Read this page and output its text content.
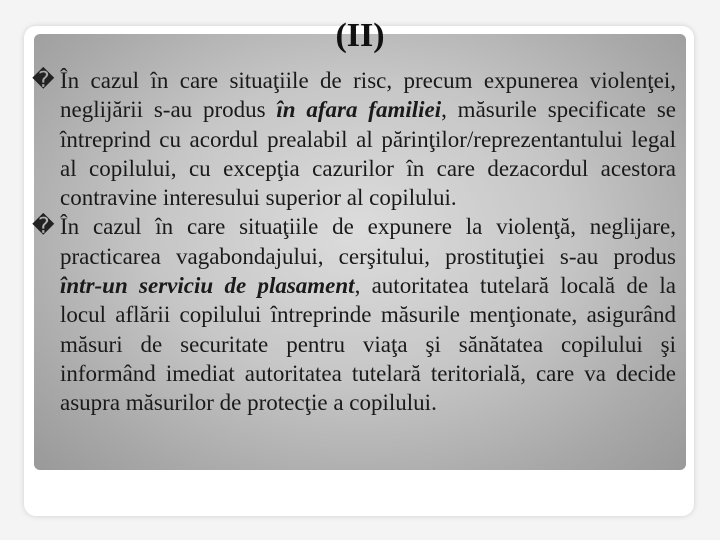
(II)

� În cazul în care situaţiile de risc, precum expunerea violenţei, neglijării s-au produs în afara familiei, măsurile specificate se întreprind cu acordul prealabil al părinţilor/reprezentantului legal al copilului, cu excepţia cazurilor în care dezacordul acestora contravine interesului superior al copilului.

� În cazul în care situaţiile de expunere la violenţă, neglijare, practicarea vagabondajului, cerşitului, prostituţiei s-au produs într-un serviciu de plasament, autoritatea tutelară locală de la locul aflării copilului întreprinde măsurile menţionate, asigurând măsuri de securitate pentru viaţa şi sănătatea copilului şi informând imediat autoritatea tutelară teritorială, care va decide asupra măsurilor de protecţie a copilului.
